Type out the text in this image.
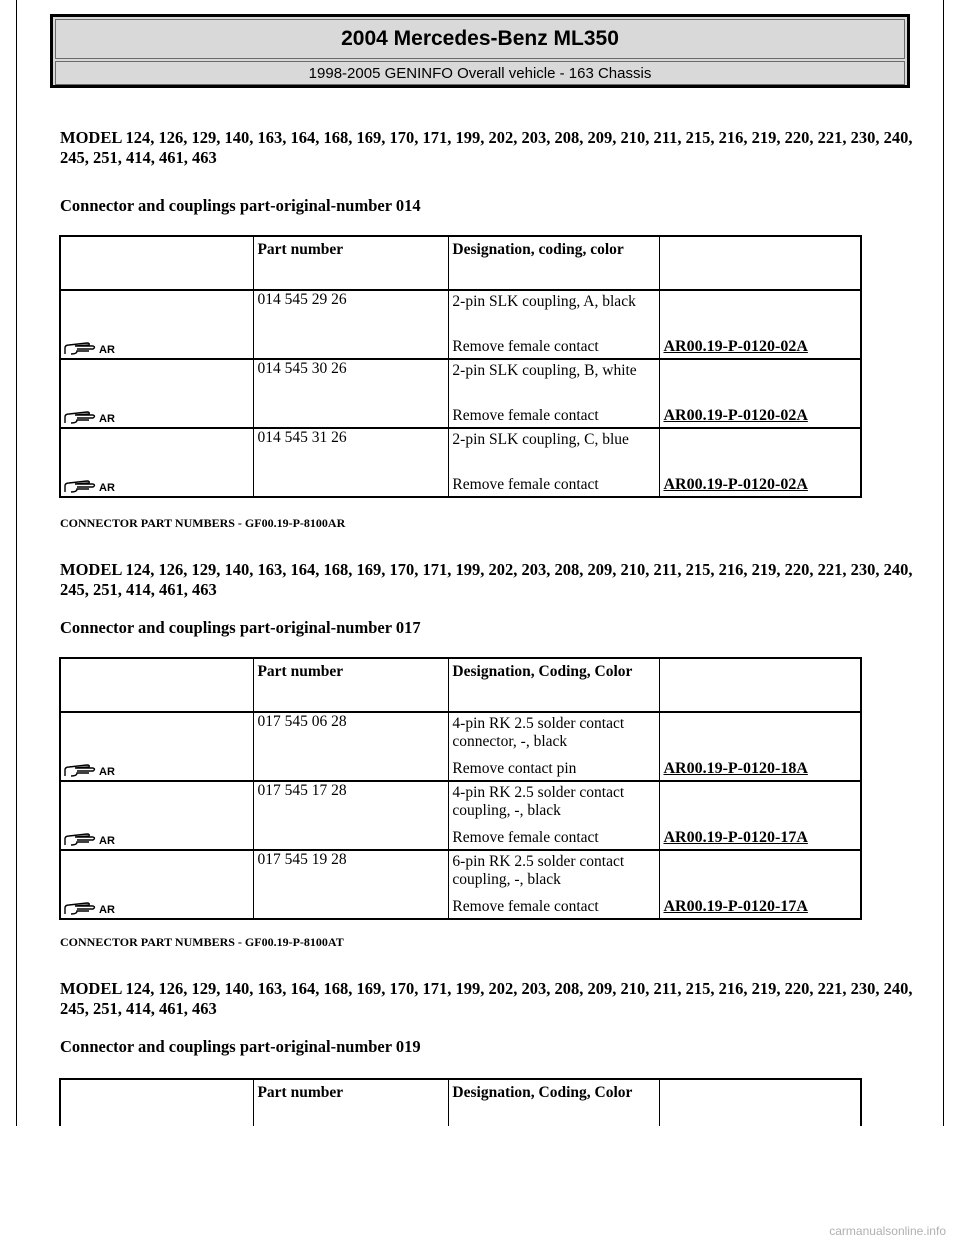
2004 Mercedes-Benz ML350
1998-2005 GENINFO Overall vehicle - 163 Chassis

MODEL 124, 126, 129, 140, 163, 164, 168, 169, 170, 171, 199, 202, 203, 208, 209, 210, 211, 215, 216, 219, 220, 221, 230, 240, 245, 251, 414, 461, 463

Connector and couplings part-original-number 014

	Part number	Designation, coding, color	

AR	014 545 29 26	2-pin SLK coupling, A, black
Remove female contact	AR00.19-P-0120-02A

AR	014 545 30 26	2-pin SLK coupling, B, white
Remove female contact	AR00.19-P-0120-02A

AR	014 545 31 26	2-pin SLK coupling, C, blue
Remove female contact	AR00.19-P-0120-02A

CONNECTOR PART NUMBERS - GF00.19-P-8100AR

MODEL 124, 126, 129, 140, 163, 164, 168, 169, 170, 171, 199, 202, 203, 208, 209, 210, 211, 215, 216, 219, 220, 221, 230, 240, 245, 251, 414, 461, 463

Connector and couplings part-original-number 017

	Part number	Designation, Coding, Color	

AR	017 545 06 28	4-pin RK 2.5 solder contact connector, -, black
Remove contact pin	AR00.19-P-0120-18A

AR	017 545 17 28	4-pin RK 2.5 solder contact coupling, -, black
Remove female contact	AR00.19-P-0120-17A

AR	017 545 19 28	6-pin RK 2.5 solder contact coupling, -, black
Remove female contact	AR00.19-P-0120-17A

CONNECTOR PART NUMBERS - GF00.19-P-8100AT

MODEL 124, 126, 129, 140, 163, 164, 168, 169, 170, 171, 199, 202, 203, 208, 209, 210, 211, 215, 216, 219, 220, 221, 230, 240, 245, 251, 414, 461, 463

Connector and couplings part-original-number 019

	Part number	Designation, Coding, Color	
carmanualsonline.info
